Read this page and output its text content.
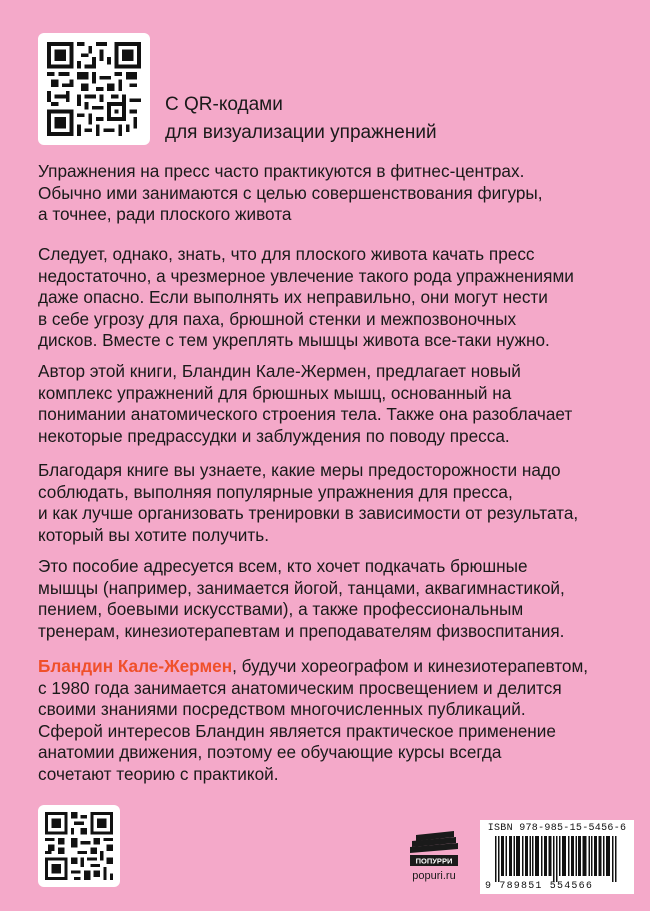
С QR-кодами
для визуализации упражнений
Упражнения на пресс часто практикуются в фитнес-центрах.
Обычно ими занимаются с целью совершенствования фигуры,
а точнее, ради плоского живота
Следует, однако, знать, что для плоского живота качать пресс
недостаточно, а чрезмерное увлечение такого рода упражнениями
даже опасно. Если выполнять их неправильно, они могут нести
в себе угрозу для паха, брюшной стенки и межпозвоночных
дисков. Вместе с тем укреплять мышцы живота все-таки нужно.
Автор этой книги, Бландин Кале-Жермен, предлагает новый
комплекс упражнений для брюшных мышц, основанный на
понимании анатомического строения тела. Также она разоблачает
некоторые предрассудки и заблуждения по поводу пресса.
Благодаря книге вы узнаете, какие меры предосторожности надо
соблюдать, выполняя популярные упражнения для пресса,
и как лучше организовать тренировки в зависимости от результата,
который вы хотите получить.
Это пособие адресуется всем, кто хочет подкачать брюшные
мышцы (например, занимается йогой, танцами, аквагимнастикой,
пением, боевыми искусствами), а также профессиональным
тренерам, кинезиотерапевтам и преподавателям физвоспитания.
Бландин Кале-Жермен, будучи хореографом и кинезиотерапевтом,
с 1980 года занимается анатомическим просвещением и делится
своими знаниями посредством многочисленных публикаций.
Сферой интересов Бландин является практическое применение
анатомии движения, поэтому ее обучающие курсы всегда
сочетают теорию с практикой.
ПОПУРРИ
popuri.ru
ISBN 978-985-15-5456-6
9 789851 554566
